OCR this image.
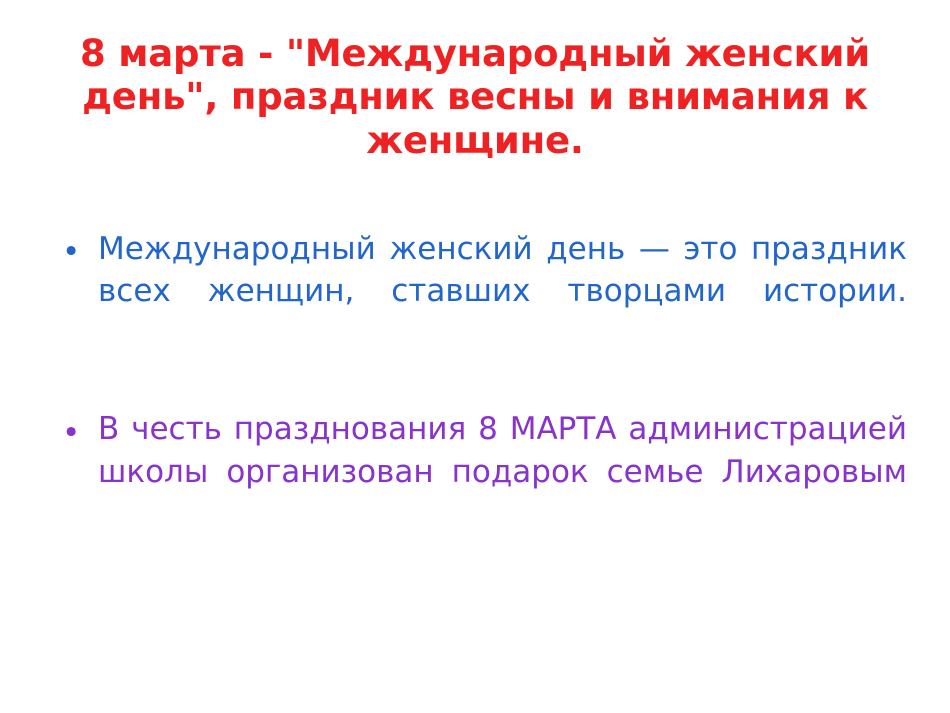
8 марта - "Международный женский день", праздник весны и внимания к женщине.
• Международный женский день — это праздник всех женщин, ставших творцами истории.
• В честь празднования 8 МАРТА администрацией школы организован подарок семье Лихаровым
